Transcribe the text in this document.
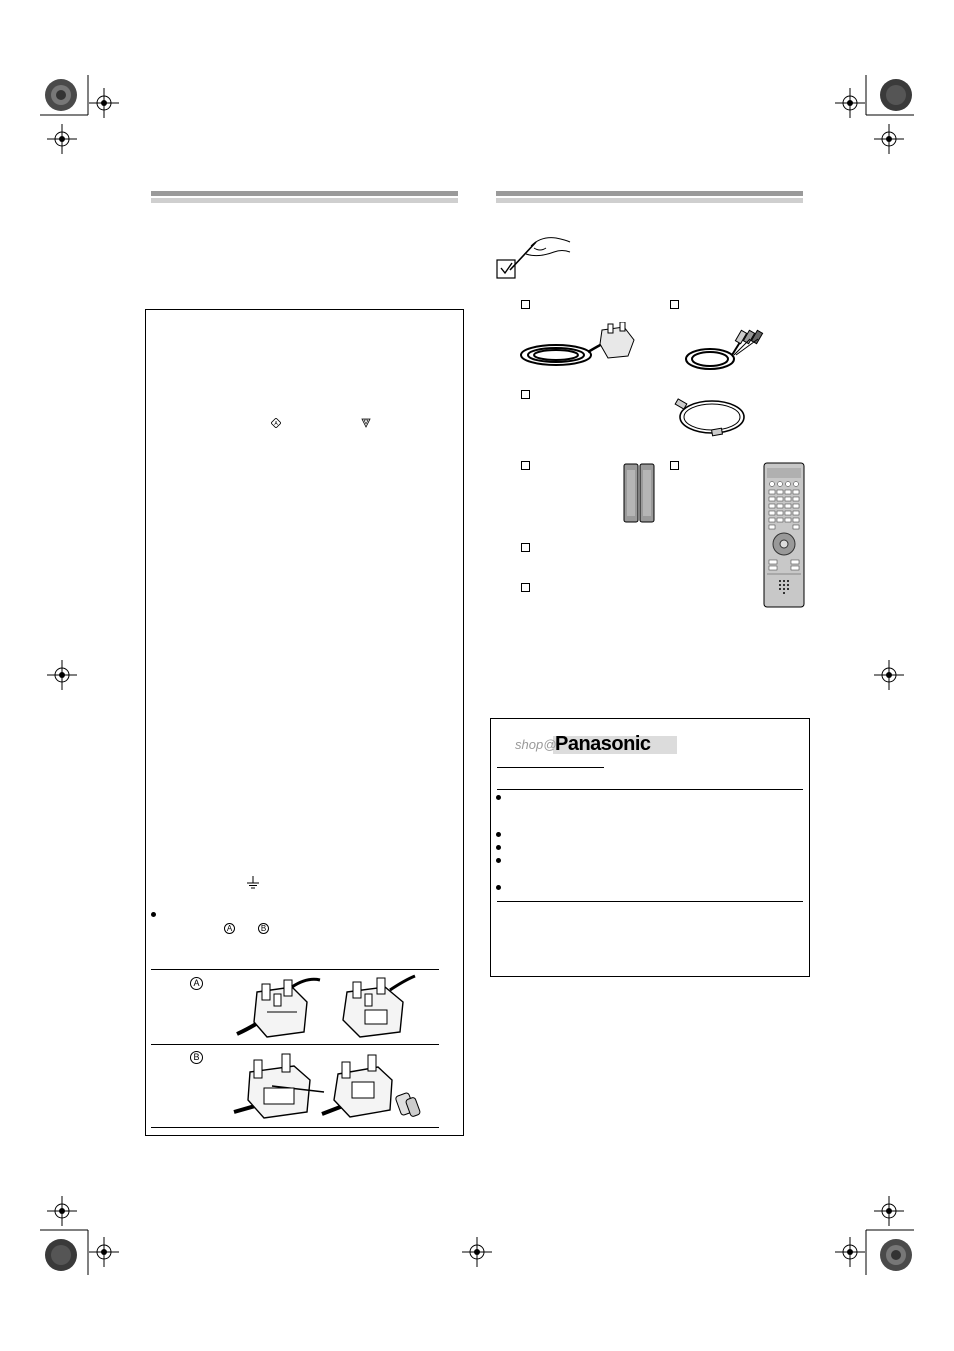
A
A	B
A
B
shop@
Panasonic
